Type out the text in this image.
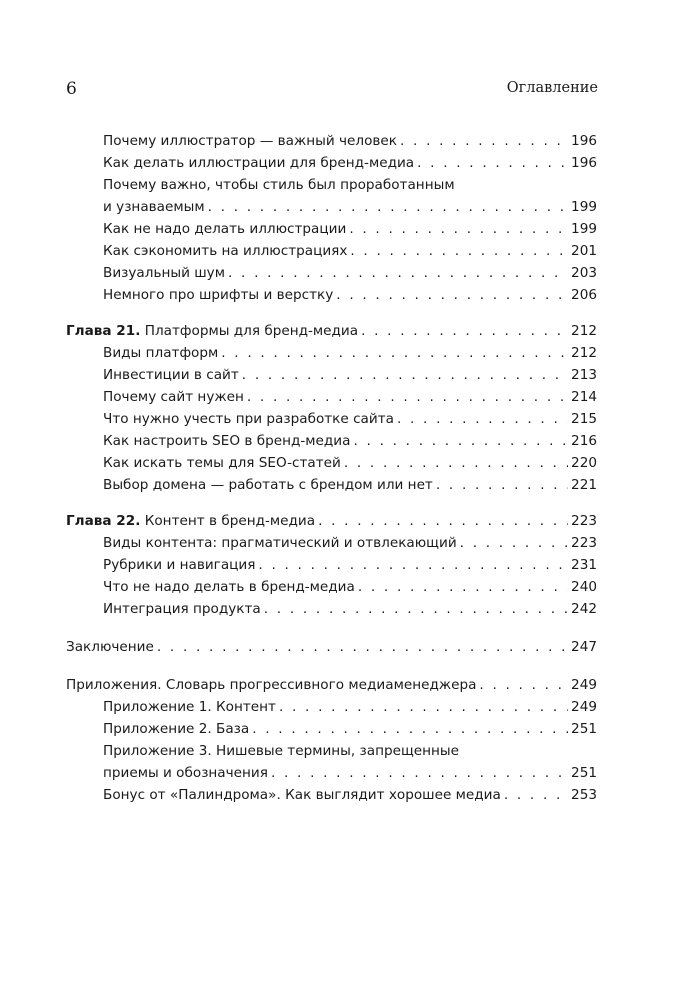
6	Оглавление
Почему иллюстратор — важный человек . . .	196
Как делать иллюстрации для бренд-медиа . . .	196
Почему важно, чтобы стиль был проработанным
и узнаваемым . . .	199
Как не надо делать иллюстрации . . .	199
Как сэкономить на иллюстрациях . . .	201
Визуальный шум . . .	203
Немного про шрифты и верстку . . .	206
Глава 21. Платформы для бренд-медиа . . .	212
Виды платформ . . .	212
Инвестиции в сайт . . .	213
Почему сайт нужен . . .	214
Что нужно учесть при разработке сайта . . .	215
Как настроить SEO в бренд-медиа . . .	216
Как искать темы для SEO-статей . . .	220
Выбор домена — работать с брендом или нет . . .	221
Глава 22. Контент в бренд-медиа . . .	223
Виды контента: прагматический и отвлекающий . . .	223
Рубрики и навигация . . .	231
Что не надо делать в бренд-медиа . . .	240
Интеграция продукта . . .	242
Заключение . . .	247
Приложения. Словарь прогрессивного медиаменеджера . . .	249
Приложение 1. Контент . . .	249
Приложение 2. База . . .	251
Приложение 3. Нишевые термины, запрещенные
приемы и обозначения . . .	251
Бонус от «Палиндрома». Как выглядит хорошее медиа . . .	253
